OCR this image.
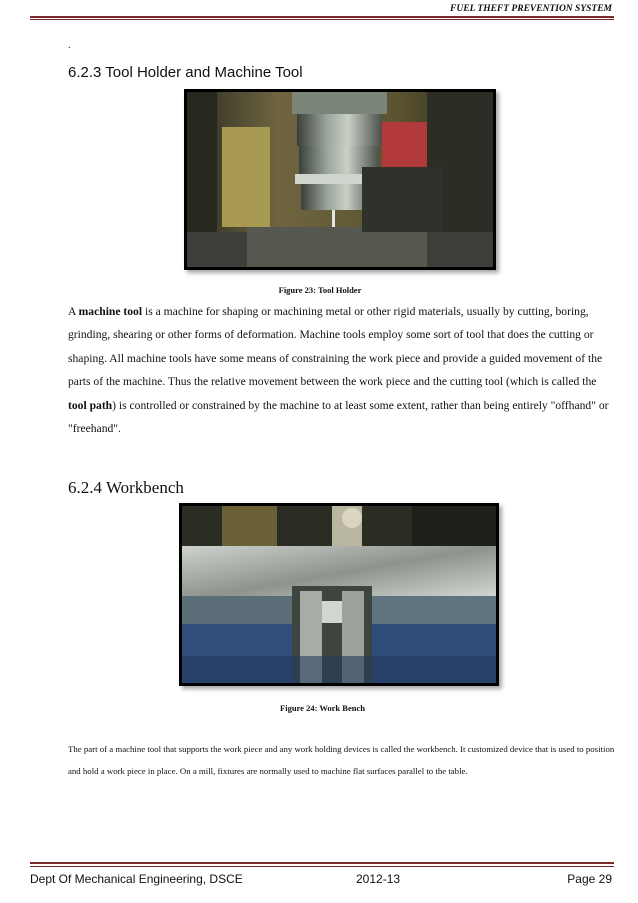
FUEL THEFT PREVENTION SYSTEM
.
6.2.3 Tool Holder and Machine Tool
Figure 23: Tool Holder
A machine tool is a machine for shaping or machining metal or other rigid materials, usually by cutting, boring, grinding, shearing or other forms of deformation. Machine tools employ some sort of tool that does the cutting or shaping. All machine tools have some means of constraining the work piece and provide a guided movement of the parts of the machine. Thus the relative movement between the work piece and the cutting tool (which is called the tool path) is controlled or constrained by the machine to at least some extent, rather than being entirely "offhand" or "freehand".
6.2.4 Workbench
Figure 24: Work Bench
The part of a machine tool that supports the work piece and any work holding devices is called the workbench. It customized device that is used to position and hold a work piece in place. On a mill, fixtures are normally used to machine flat surfaces parallel to the table.
Dept Of Mechanical Engineering, DSCE	2012-13	Page 29
